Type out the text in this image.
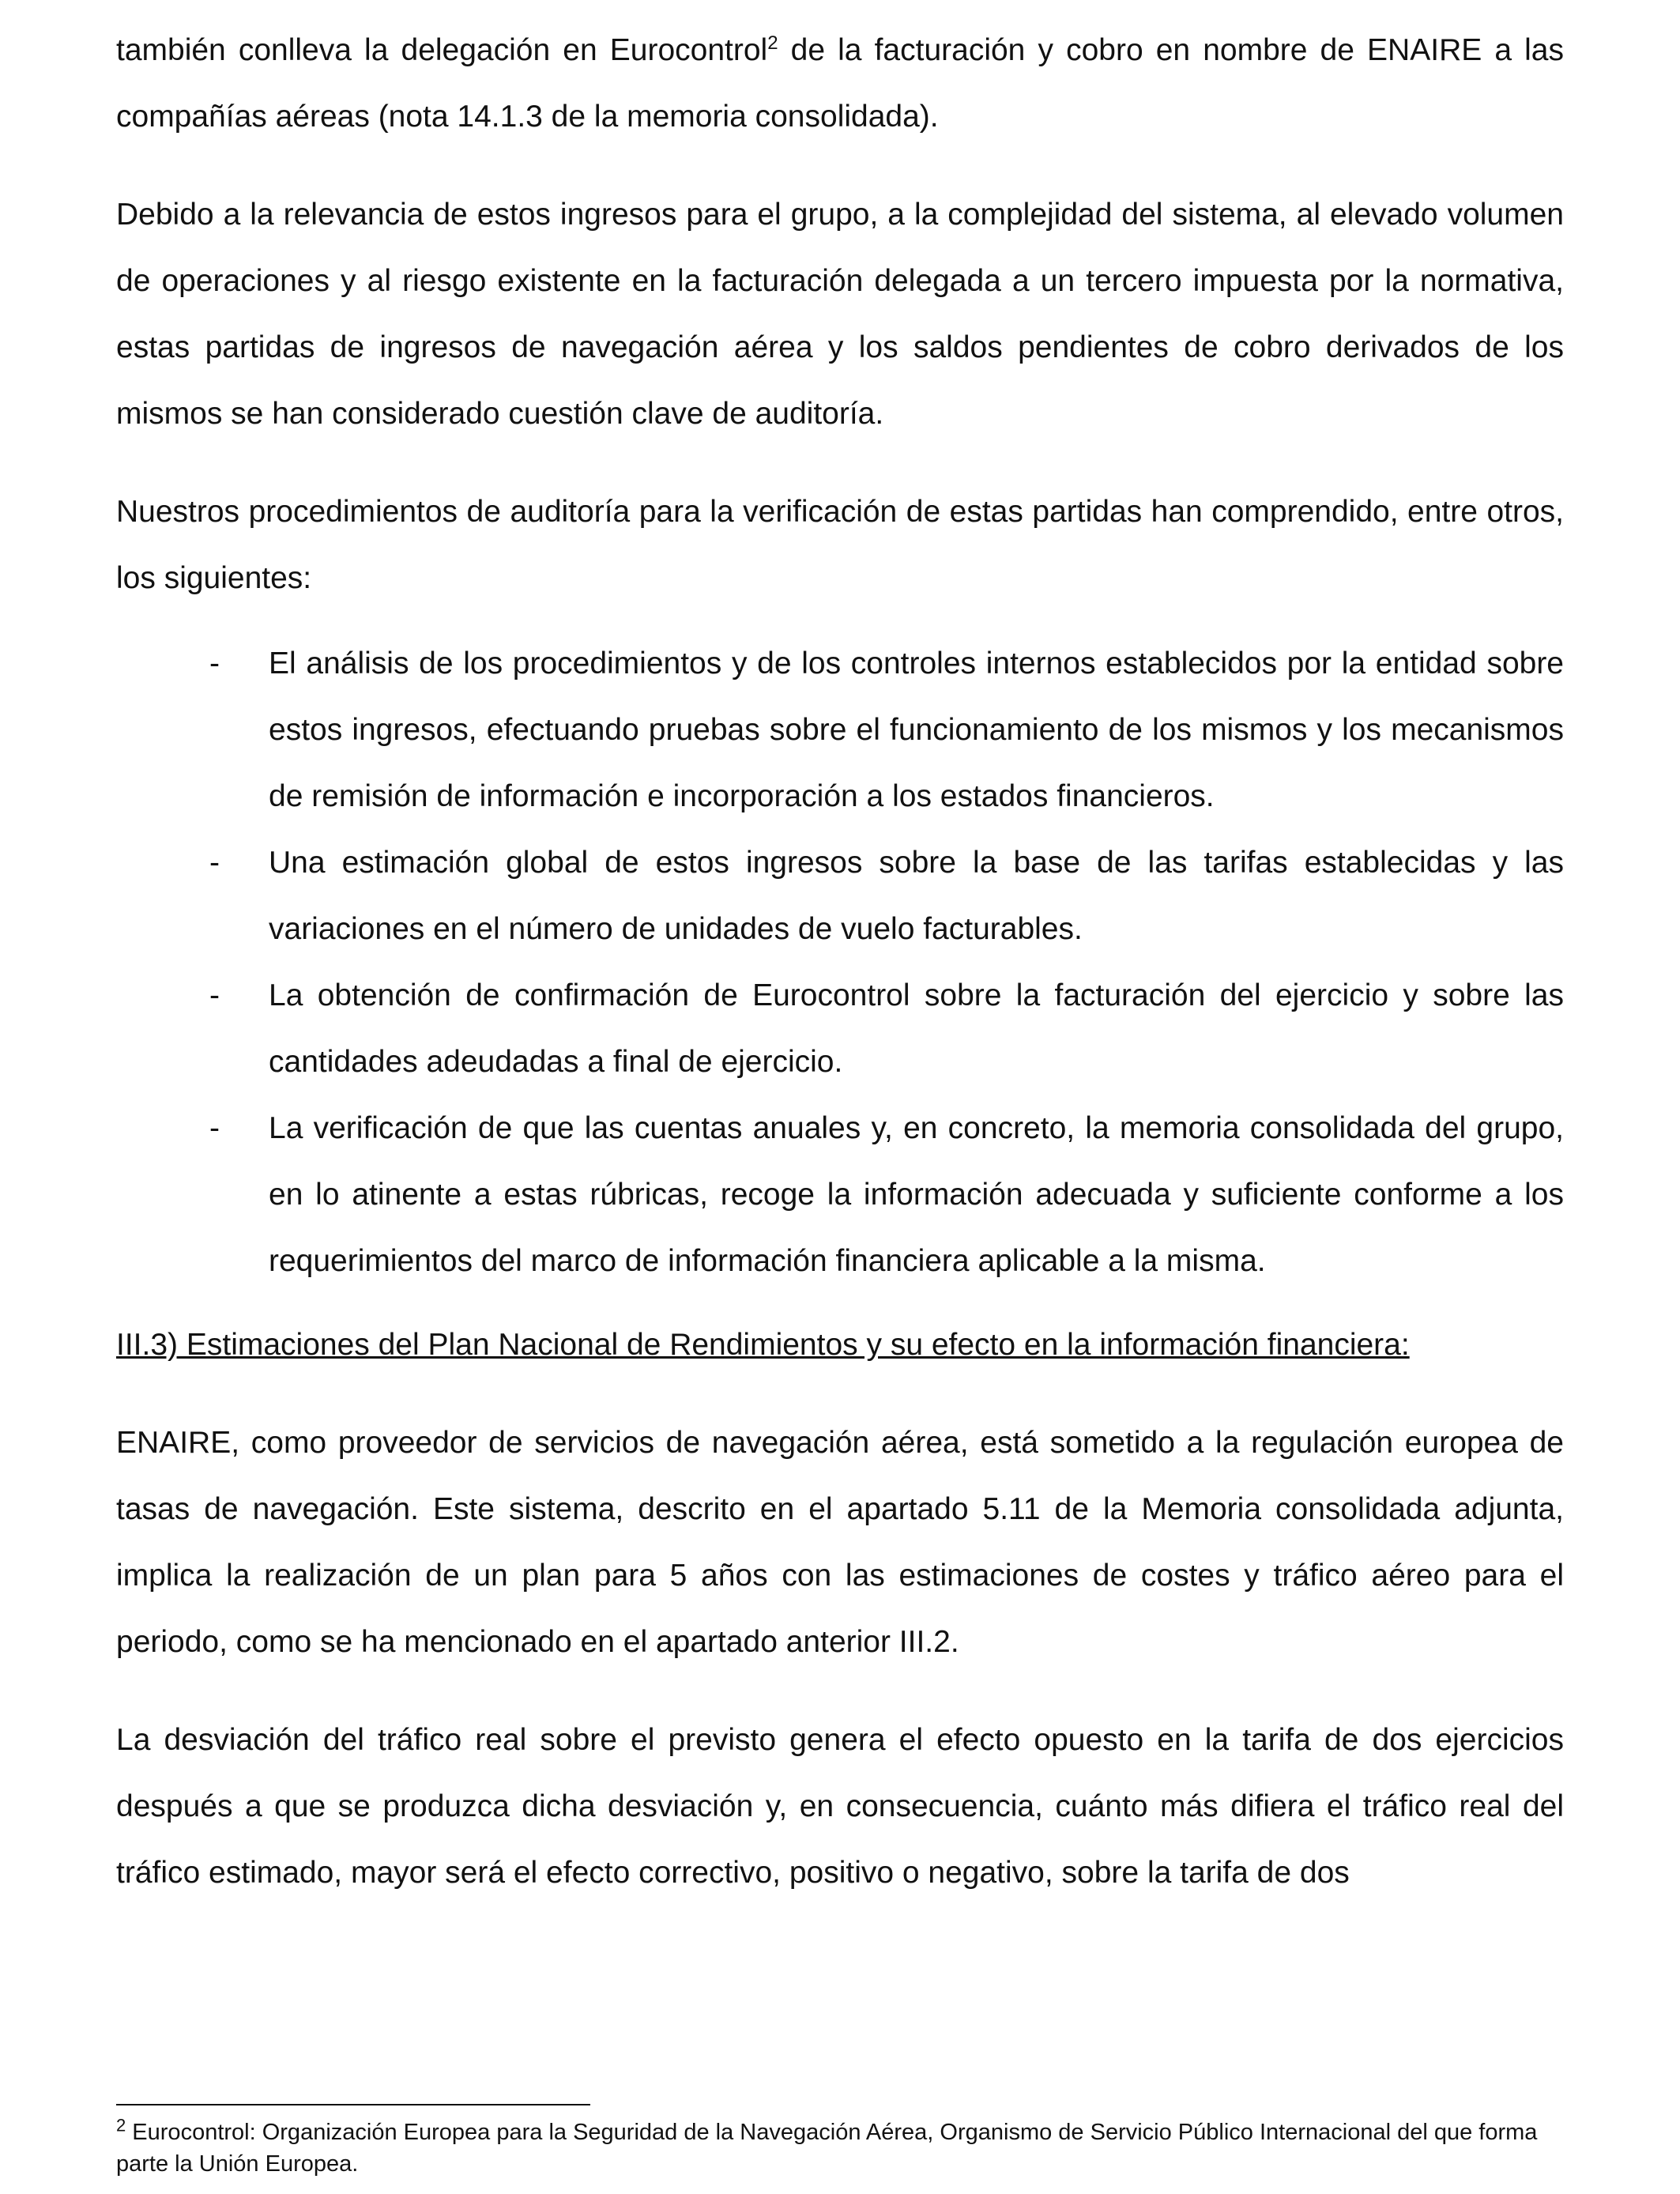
también conlleva la delegación en Eurocontrol$^2$ de la facturación y cobro en nombre de ENAIRE a las compañías aéreas (nota 14.1.3 de la memoria consolidada).

Debido a la relevancia de estos ingresos para el grupo, a la complejidad del sistema, al elevado volumen de operaciones y al riesgo existente en la facturación delegada a un tercero impuesta por la normativa, estas partidas de ingresos de navegación aérea y los saldos pendientes de cobro derivados de los mismos se han considerado cuestión clave de auditoría.

Nuestros procedimientos de auditoría para la verificación de estas partidas han comprendido, entre otros, los siguientes:

- El análisis de los procedimientos y de los controles internos establecidos por la entidad sobre estos ingresos, efectuando pruebas sobre el funcionamiento de los mismos y los mecanismos de remisión de información e incorporación a los estados financieros.
- Una estimación global de estos ingresos sobre la base de las tarifas establecidas y las variaciones en el número de unidades de vuelo facturables.
- La obtención de confirmación de Eurocontrol sobre la facturación del ejercicio y sobre las cantidades adeudadas a final de ejercicio.
- La verificación de que las cuentas anuales y, en concreto, la memoria consolidada del grupo, en lo atinente a estas rúbricas, recoge la información adecuada y suficiente conforme a los requerimientos del marco de información financiera aplicable a la misma.

III.3) Estimaciones del Plan Nacional de Rendimientos y su efecto en la información financiera:

ENAIRE, como proveedor de servicios de navegación aérea, está sometido a la regulación europea de tasas de navegación. Este sistema, descrito en el apartado 5.11 de la Memoria consolidada adjunta, implica la realización de un plan para 5 años con las estimaciones de costes y tráfico aéreo para el periodo, como se ha mencionado en el apartado anterior III.2.

La desviación del tráfico real sobre el previsto genera el efecto opuesto en la tarifa de dos ejercicios después a que se produzca dicha desviación y, en consecuencia, cuánto más difiera el tráfico real del tráfico estimado, mayor será el efecto correctivo, positivo o negativo, sobre la tarifa de dos

$^2$ Eurocontrol: Organización Europea para la Seguridad de la Navegación Aérea, Organismo de Servicio Público Internacional del que forma parte la Unión Europea.
